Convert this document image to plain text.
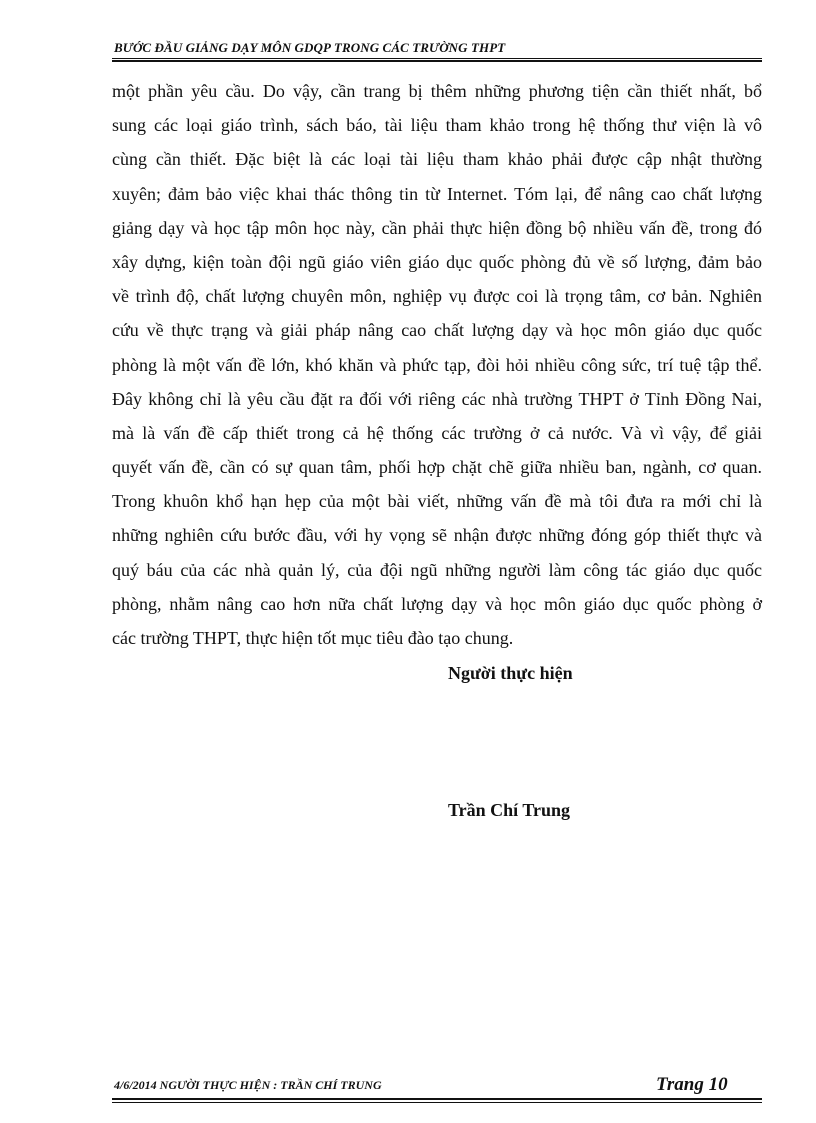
BƯỚC ĐẦU GIẢNG DẠY MÔN GDQP TRONG CÁC TRƯỜNG THPT
một phần yêu cầu. Do vậy, cần trang bị thêm những phương tiện cần thiết nhất, bổ
sung các loại giáo trình, sách báo, tài liệu tham khảo trong hệ thống thư viện là vô
cùng cần thiết. Đặc biệt là các loại tài liệu tham khảo phải được cập nhật thường
xuyên; đảm bảo việc khai thác thông tin từ Internet. Tóm lại, để nâng cao chất lượng
giảng dạy và học tập môn học này, cần phải thực hiện đồng bộ nhiều vấn đề, trong đó
xây dựng, kiện toàn đội ngũ giáo viên giáo dục quốc phòng đủ về số lượng, đảm bảo
về trình độ, chất lượng chuyên môn, nghiệp vụ được coi là trọng tâm, cơ bản. Nghiên
cứu về thực trạng và giải pháp nâng cao chất lượng dạy và học môn giáo dục quốc
phòng là một vấn đề lớn, khó khăn và phức tạp, đòi hỏi nhiều công sức, trí tuệ tập thể.
Đây không chỉ là yêu cầu đặt ra đối với riêng các nhà trường THPT ở Tỉnh Đồng Nai,
mà là vấn đề cấp thiết trong cả hệ thống các trường ở cả nước. Và vì vậy, để giải
quyết vấn đề, cần có sự quan tâm, phối hợp chặt chẽ giữa nhiều ban, ngành, cơ quan.
Trong khuôn khổ hạn hẹp của một bài viết, những vấn đề mà tôi đưa ra mới chỉ là
những nghiên cứu bước đầu, với hy vọng sẽ nhận được những đóng góp thiết thực và
quý báu của các nhà quản lý, của đội ngũ những người làm công tác giáo dục quốc
phòng, nhằm nâng cao hơn nữa chất lượng dạy và học môn giáo dục quốc phòng ở
các trường THPT, thực hiện tốt mục tiêu đào tạo chung.
Người thực hiện
Trần Chí Trung
4/6/2014 NGƯỜI THỰC HIỆN : TRẦN CHÍ TRUNG	Trang 10
